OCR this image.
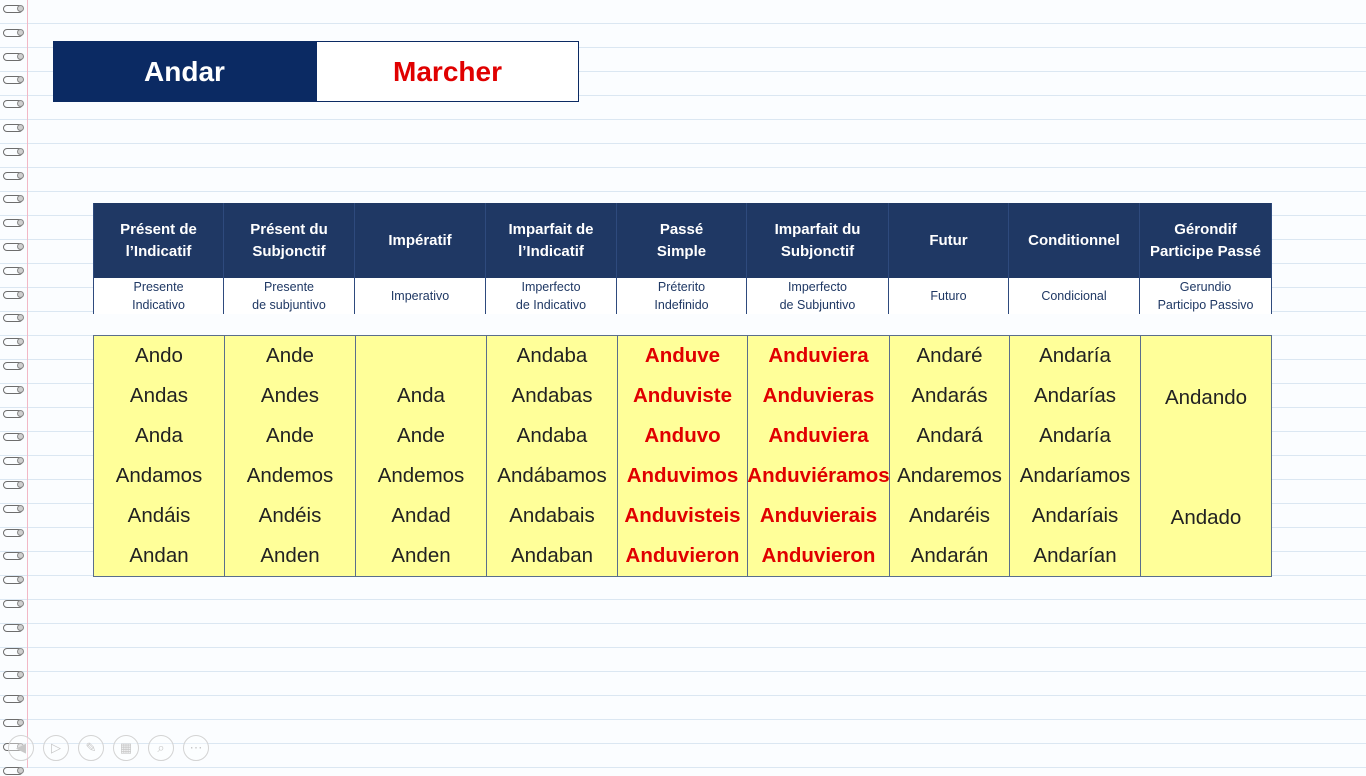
Andar	Marcher
Présent de
l’Indicatif
Presente
Indicativo
Présent du
Subjonctif
Presente
de subjuntivo
Impératif
Imperativo
Imparfait de
l’Indicatif
Imperfecto
de Indicativo
Passé
Simple
Préterito
Indefinido
Imparfait du
Subjonctif
Imperfecto
de Subjuntivo
Futur
Futuro
Conditionnel
Condicional
Gérondif
Participe Passé
Gerundio
Participo Passivo
Ando
Andas
Anda
Andamos
Andáis
Andan
Ande
Andes
Ande
Andemos
Andéis
Anden
Anda
Ande
Andemos
Andad
Anden
Andaba
Andabas
Andaba
Andábamos
Andabais
Andaban
Anduve
Anduviste
Anduvo
Anduvimos
Anduvisteis
Anduvieron
Anduviera
Anduvieras
Anduviera
Anduviéramos
Anduvierais
Anduvieron
Andaré
Andarás
Andará
Andaremos
Andaréis
Andarán
Andaría
Andarías
Andaría
Andaríamos
Andaríais
Andarían
Andando
Andado
◀ ▷ ✎ ▦ ⌕ ⋯
